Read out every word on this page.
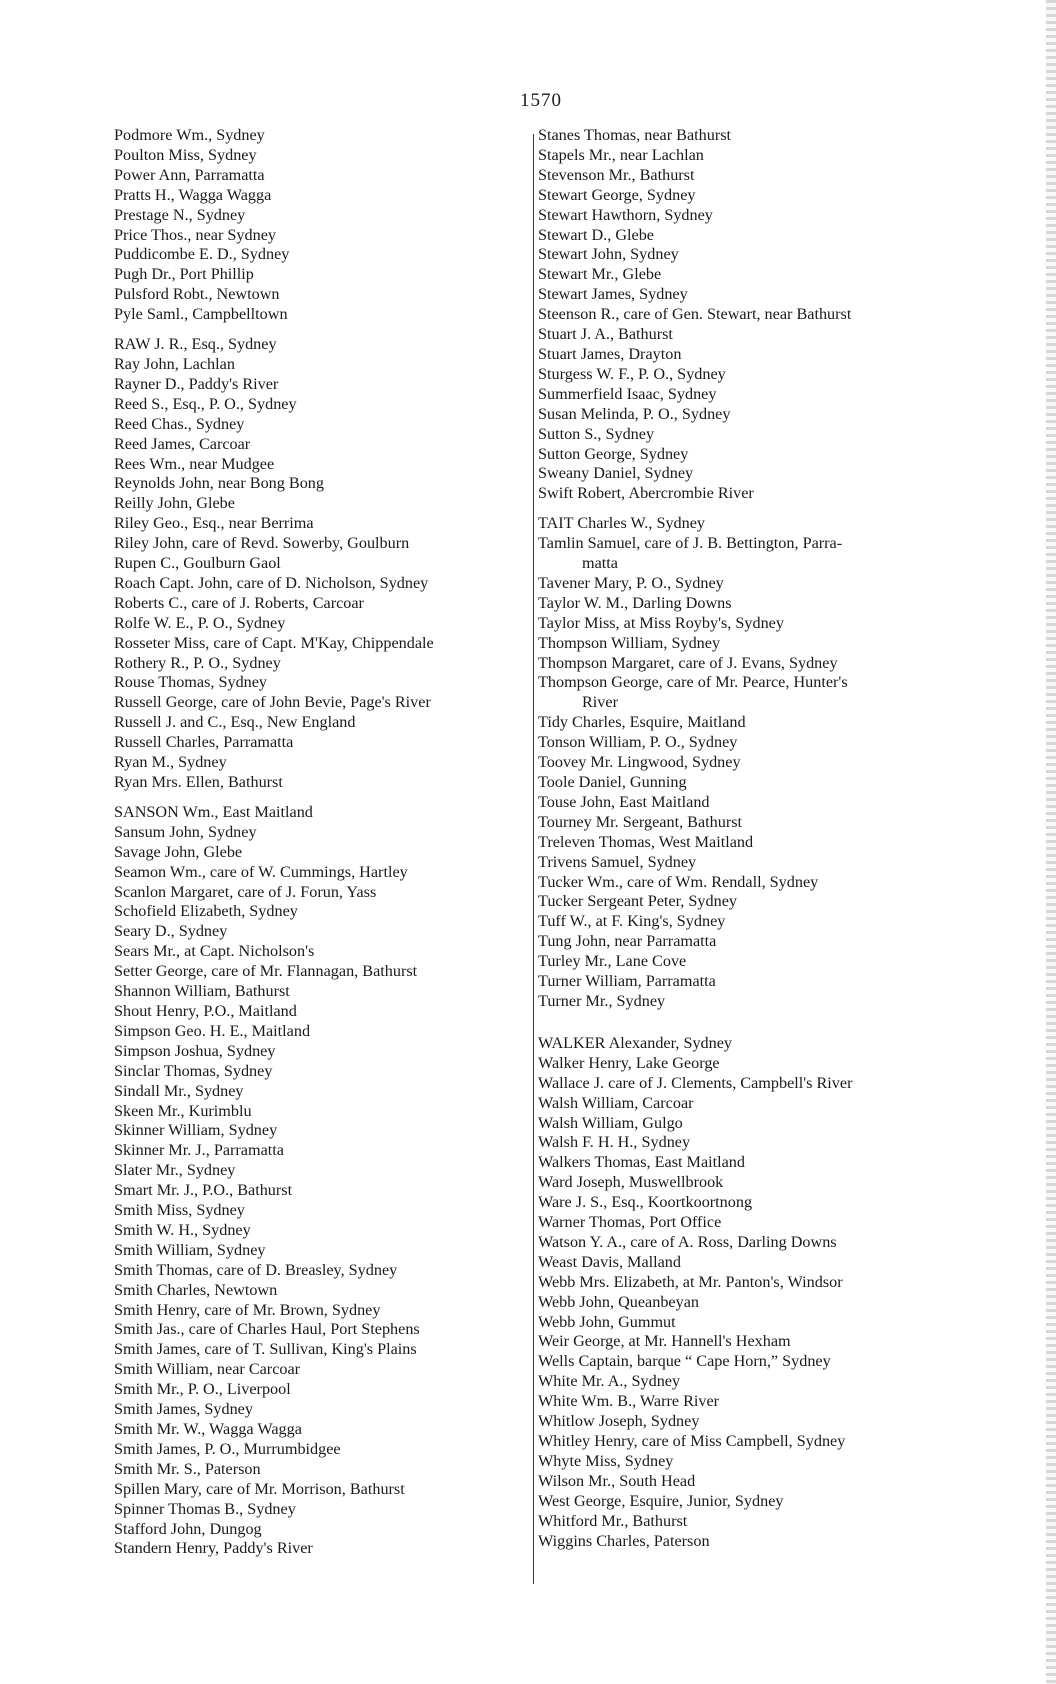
1570
Podmore Wm., Sydney
Poulton Miss, Sydney
Power Ann, Parramatta
Pratts H., Wagga Wagga
Prestage N., Sydney
Price Thos., near Sydney
Puddicombe E. D., Sydney
Pugh Dr., Port Phillip
Pulsford Robt., Newtown
Pyle Saml., Campbelltown
RAW J. R., Esq., Sydney
Ray John, Lachlan
Rayner D., Paddy's River
Reed S., Esq., P. O., Sydney
Reed Chas., Sydney
Reed James, Carcoar
Rees Wm., near Mudgee
Reynolds John, near Bong Bong
Reilly John, Glebe
Riley Geo., Esq., near Berrima
Riley John, care of Revd. Sowerby, Goulburn
Rupen C., Goulburn Gaol
Roach Capt. John, care of D. Nicholson, Sydney
Roberts C., care of J. Roberts, Carcoar
Rolfe W. E., P. O., Sydney
Rosseter Miss, care of Capt. M'Kay, Chippendale
Rothery R., P. O., Sydney
Rouse Thomas, Sydney
Russell George, care of John Bevie, Page's River
Russell J. and C., Esq., New England
Russell Charles, Parramatta
Ryan M., Sydney
Ryan Mrs. Ellen, Bathurst
SANSON Wm., East Maitland
Sansum John, Sydney
Savage John, Glebe
Seamon Wm., care of W. Cummings, Hartley
Scanlon Margaret, care of J. Forun, Yass
Schofield Elizabeth, Sydney
Seary D., Sydney
Sears Mr., at Capt. Nicholson's
Setter George, care of Mr. Flannagan, Bathurst
Shannon William, Bathurst
Shout Henry, P.O., Maitland
Simpson Geo. H. E., Maitland
Simpson Joshua, Sydney
Sinclar Thomas, Sydney
Sindall Mr., Sydney
Skeen Mr., Kurimblu
Skinner William, Sydney
Skinner Mr. J., Parramatta
Slater Mr., Sydney
Smart Mr. J., P.O., Bathurst
Smith Miss, Sydney
Smith W. H., Sydney
Smith William, Sydney
Smith Thomas, care of D. Breasley, Sydney
Smith Charles, Newtown
Smith Henry, care of Mr. Brown, Sydney
Smith Jas., care of Charles Haul, Port Stephens
Smith James, care of T. Sullivan, King's Plains
Smith William, near Carcoar
Smith Mr., P. O., Liverpool
Smith James, Sydney
Smith Mr. W., Wagga Wagga
Smith James, P. O., Murrumbidgee
Smith Mr. S., Paterson
Spillen Mary, care of Mr. Morrison, Bathurst
Spinner Thomas B., Sydney
Stafford John, Dungog
Standern Henry, Paddy's River
Stanes Thomas, near Bathurst
Stapels Mr., near Lachlan
Stevenson Mr., Bathurst
Stewart George, Sydney
Stewart Hawthorn, Sydney
Stewart D., Glebe
Stewart John, Sydney
Stewart Mr., Glebe
Stewart James, Sydney
Steenson R., care of Gen. Stewart, near Bathurst
Stuart J. A., Bathurst
Stuart James, Drayton
Sturgess W. F., P. O., Sydney
Summerfield Isaac, Sydney
Susan Melinda, P. O., Sydney
Sutton S., Sydney
Sutton George, Sydney
Sweany Daniel, Sydney
Swift Robert, Abercrombie River
TAIT Charles W., Sydney
Tamlin Samuel, care of J. B. Bettington, Parra-
matta
Tavener Mary, P. O., Sydney
Taylor W. M., Darling Downs
Taylor Miss, at Miss Royby's, Sydney
Thompson William, Sydney
Thompson Margaret, care of J. Evans, Sydney
Thompson George, care of Mr. Pearce, Hunter's
River
Tidy Charles, Esquire, Maitland
Tonson William, P. O., Sydney
Toovey Mr. Lingwood, Sydney
Toole Daniel, Gunning
Touse John, East Maitland
Tourney Mr. Sergeant, Bathurst
Treleven Thomas, West Maitland
Trivens Samuel, Sydney
Tucker Wm., care of Wm. Rendall, Sydney
Tucker Sergeant Peter, Sydney
Tuff W., at F. King's, Sydney
Tung John, near Parramatta
Turley Mr., Lane Cove
Turner William, Parramatta
Turner Mr., Sydney
WALKER Alexander, Sydney
Walker Henry, Lake George
Wallace J. care of J. Clements, Campbell's River
Walsh William, Carcoar
Walsh William, Gulgo
Walsh F. H. H., Sydney
Walkers Thomas, East Maitland
Ward Joseph, Muswellbrook
Ware J. S., Esq., Koortkoortnong
Warner Thomas, Port Office
Watson Y. A., care of A. Ross, Darling Downs
Weast Davis, Malland
Webb Mrs. Elizabeth, at Mr. Panton's, Windsor
Webb John, Queanbeyan
Webb John, Gummut
Weir George, at Mr. Hannell's Hexham
Wells Captain, barque “ Cape Horn,” Sydney
White Mr. A., Sydney
White Wm. B., Warre River
Whitlow Joseph, Sydney
Whitley Henry, care of Miss Campbell, Sydney
Whyte Miss, Sydney
Wilson Mr., South Head
West George, Esquire, Junior, Sydney
Whitford Mr., Bathurst
Wiggins Charles, Paterson
